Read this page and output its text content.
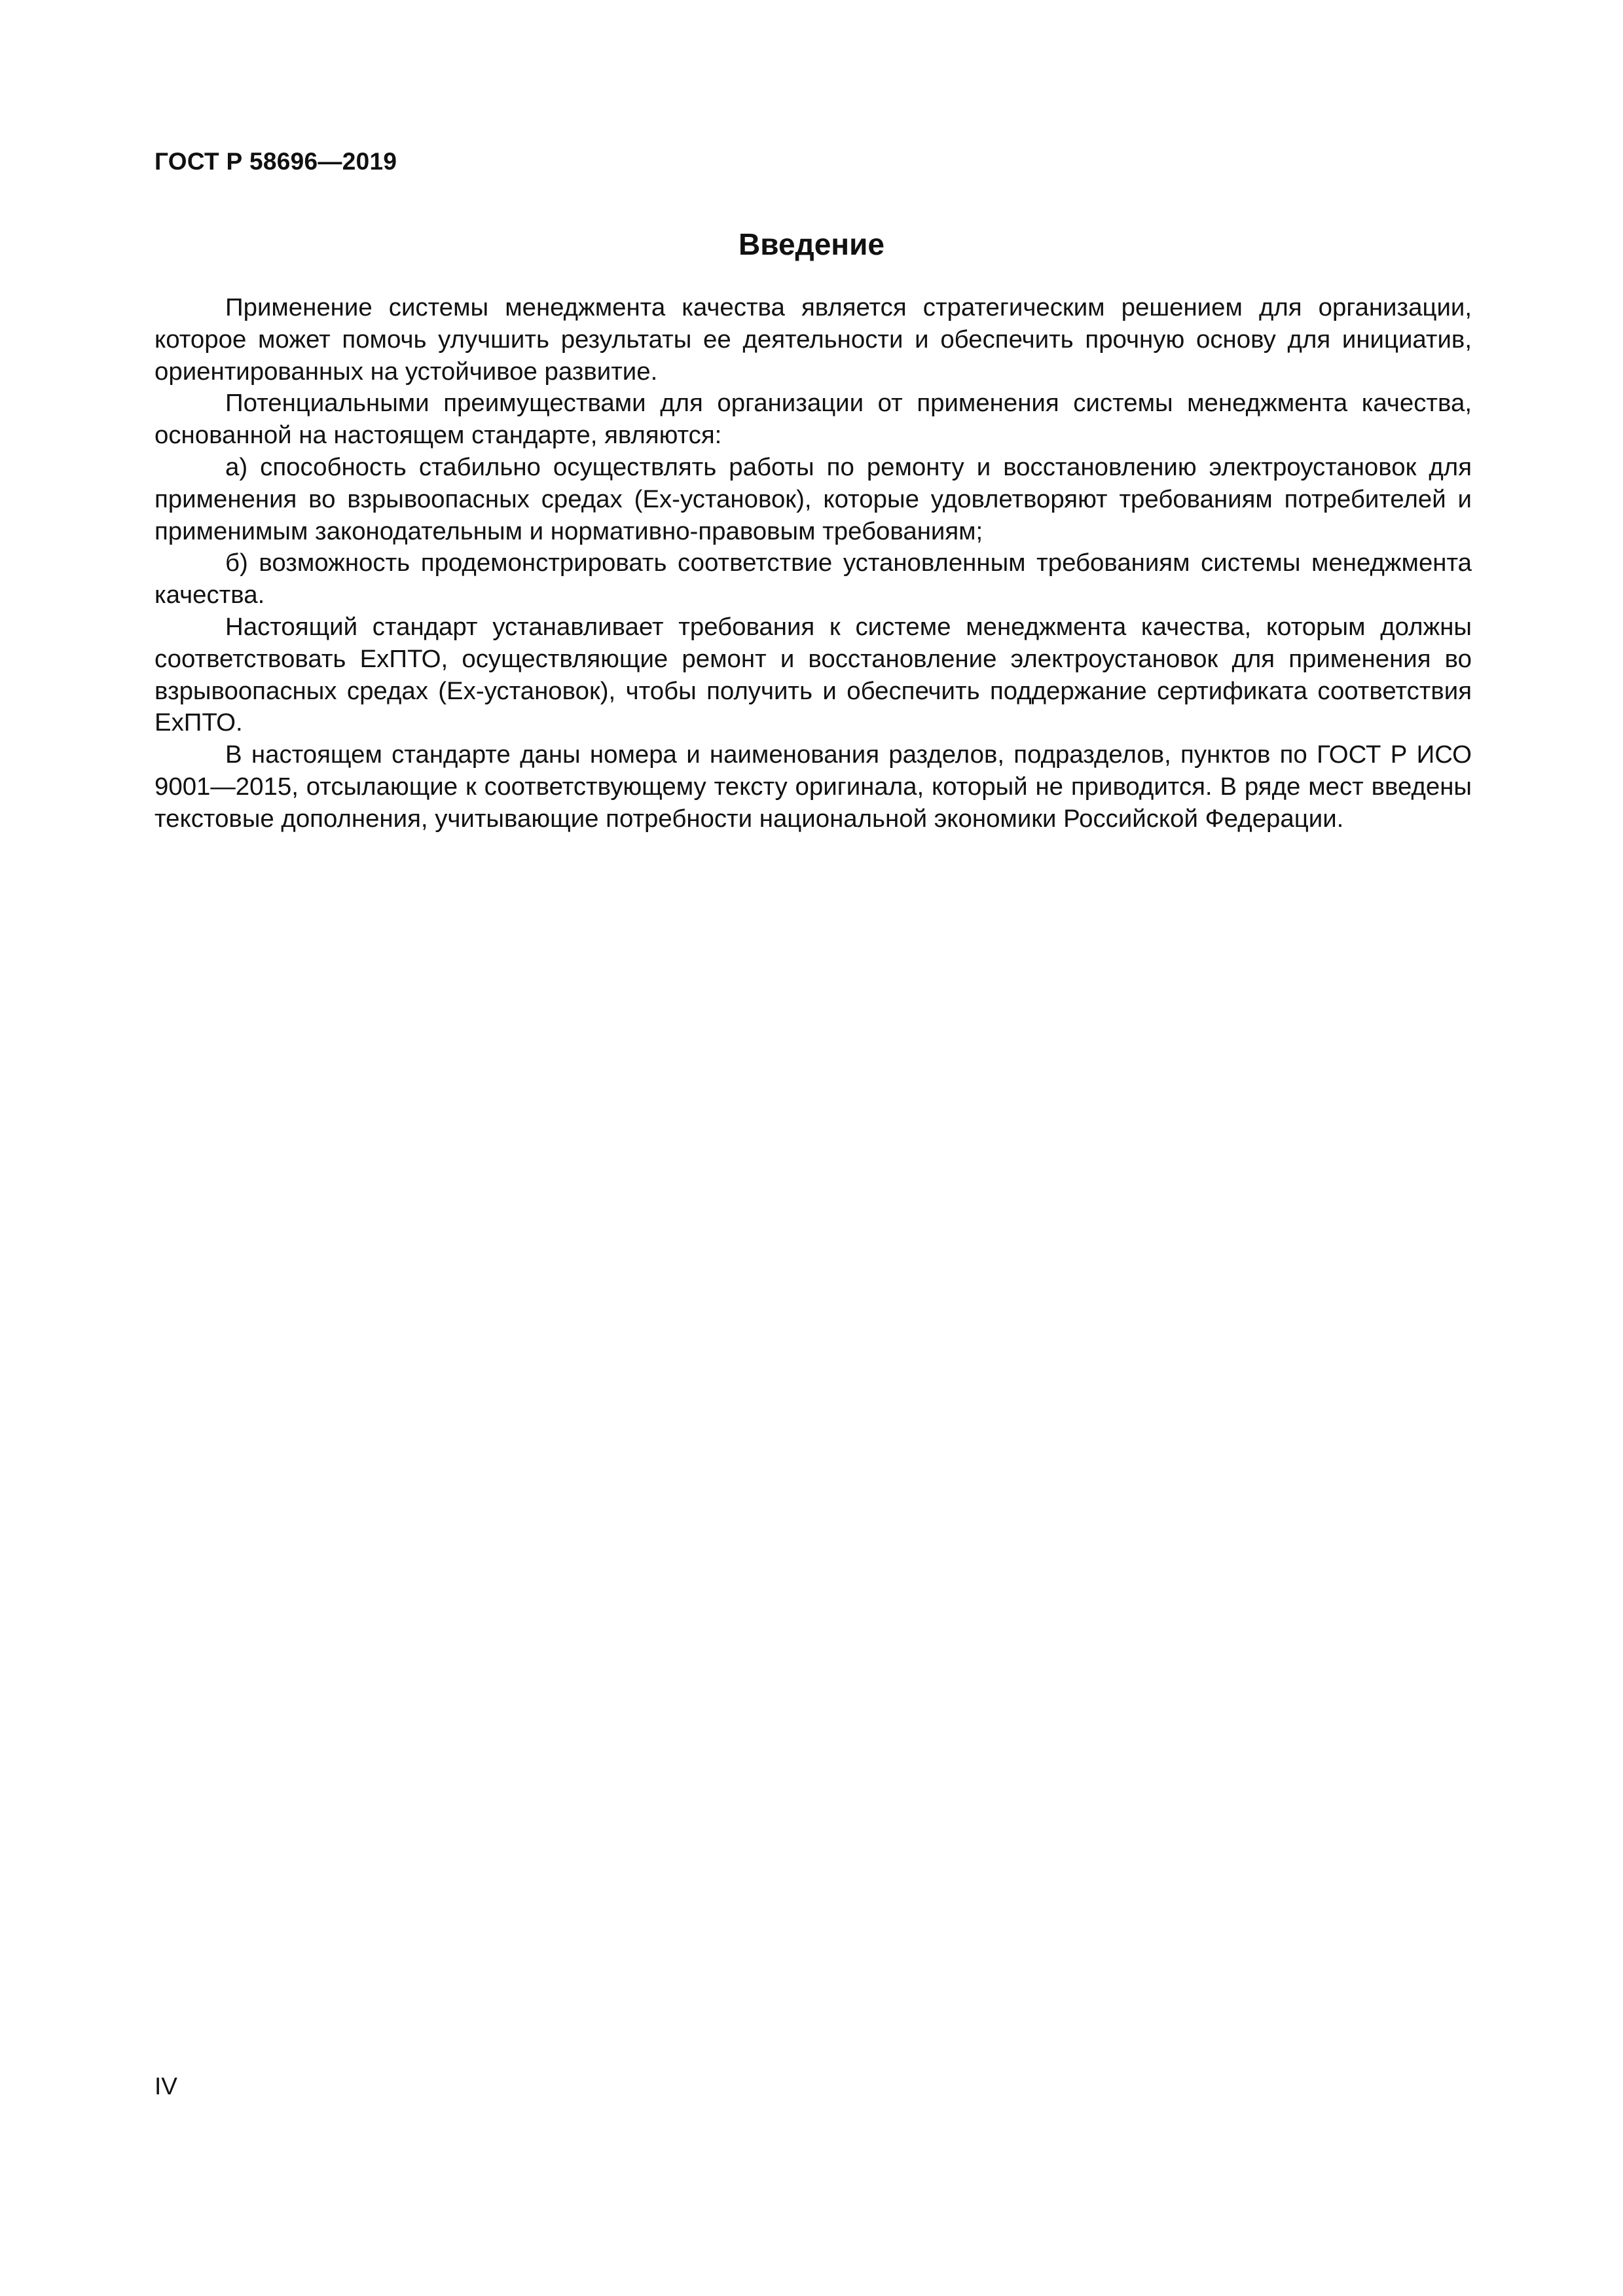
ГОСТ Р 58696—2019
Введение

Применение системы менеджмента качества является стратегическим решением для организации, которое может помочь улучшить результаты ее деятельности и обеспечить прочную основу для инициатив, ориентированных на устойчивое развитие.

Потенциальными преимуществами для организации от применения системы менеджмента качества, основанной на настоящем стандарте, являются:

а) способность стабильно осуществлять работы по ремонту и восстановлению электроустановок для применения во взрывоопасных средах (Ex-установок), которые удовлетворяют требованиям потребителей и применимым законодательным и нормативно-правовым требованиям;

б) возможность продемонстрировать соответствие установленным требованиям системы менеджмента качества.

Настоящий стандарт устанавливает требования к системе менеджмента качества, которым должны соответствовать ExПТО, осуществляющие ремонт и восстановление электроустановок для применения во взрывоопасных средах (Ex-установок), чтобы получить и обеспечить поддержание сертификата соответствия ExПТО.

В настоящем стандарте даны номера и наименования разделов, подразделов, пунктов по ГОСТ Р ИСО 9001—2015, отсылающие к соответствующему тексту оригинала, который не приводится. В ряде мест введены текстовые дополнения, учитывающие потребности национальной экономики Российской Федерации.

IV
